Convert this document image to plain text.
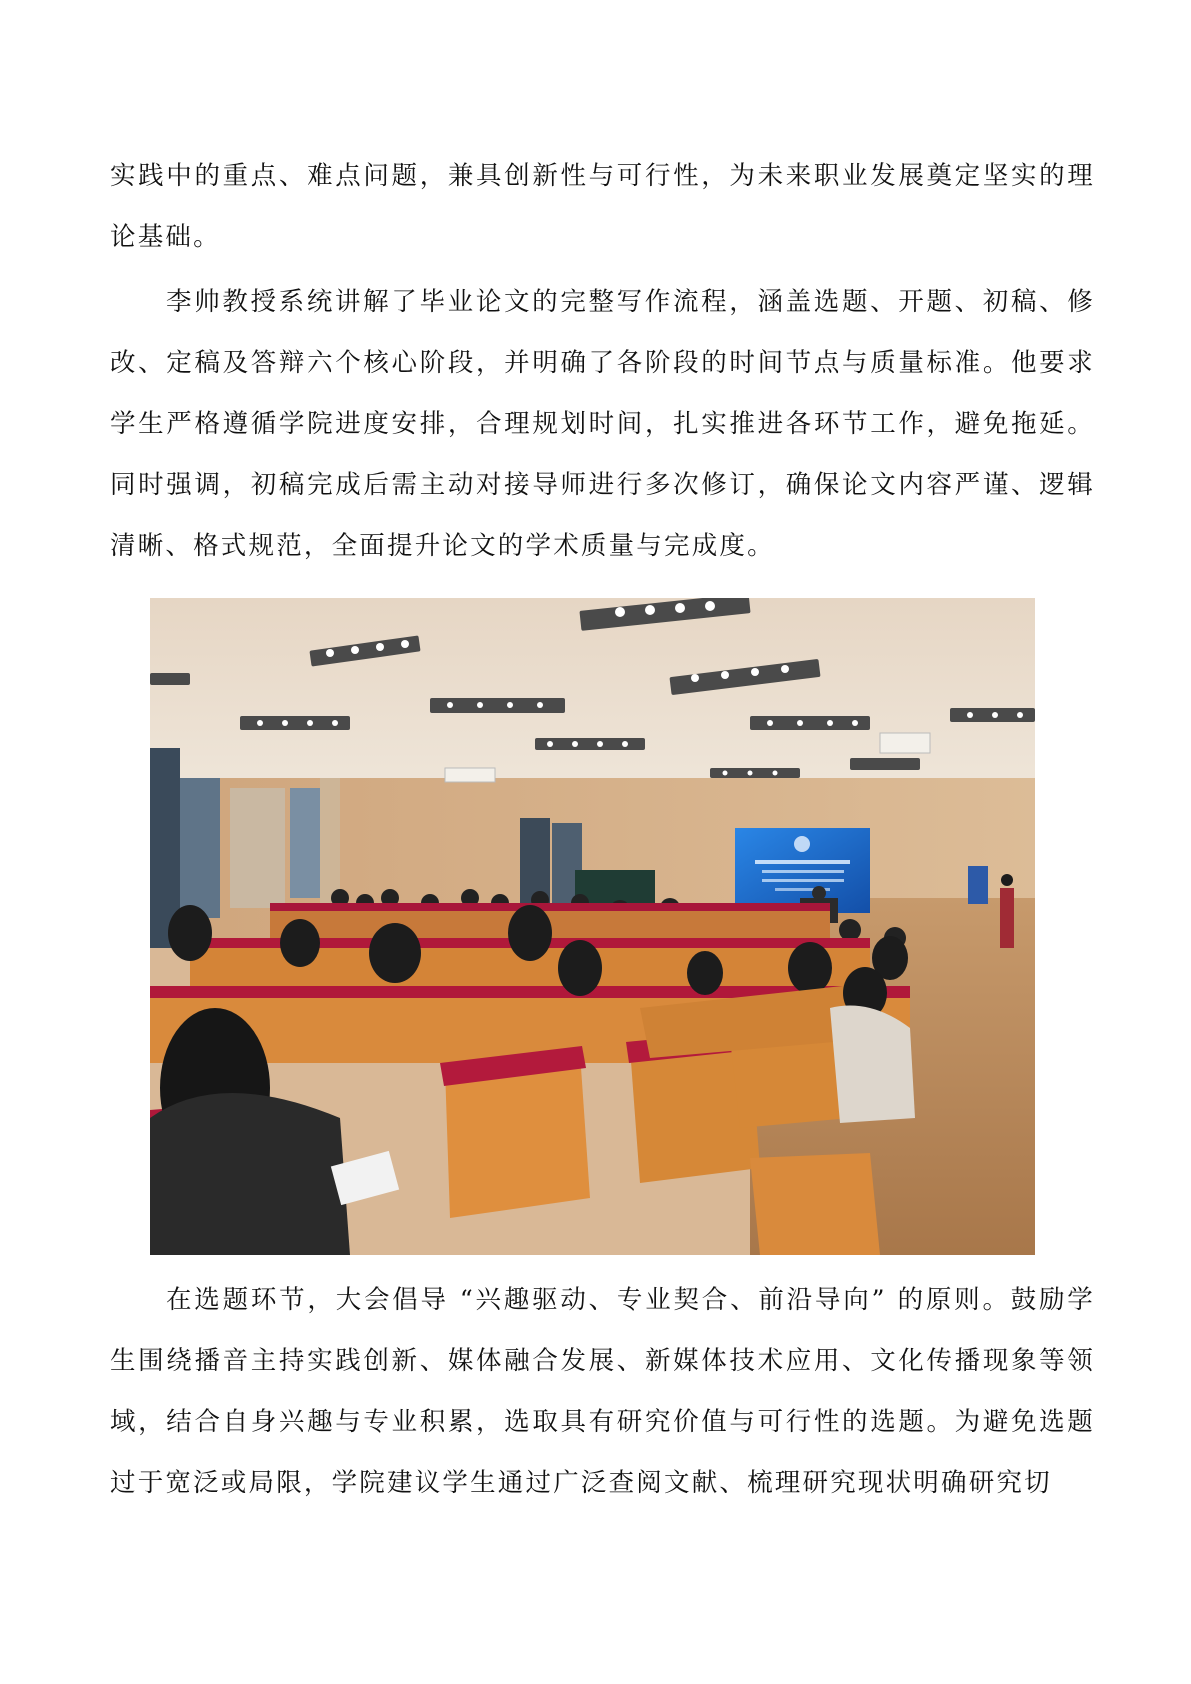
实践中的重点、难点问题，兼具创新性与可行性，为未来职业发展奠定坚实的理论基础。

李帅教授系统讲解了毕业论文的完整写作流程，涵盖选题、开题、初稿、修改、定稿及答辩六个核心阶段，并明确了各阶段的时间节点与质量标准。他要求学生严格遵循学院进度安排，合理规划时间，扎实推进各环节工作，避免拖延。同时强调，初稿完成后需主动对接导师进行多次修订，确保论文内容严谨、逻辑清晰、格式规范，全面提升论文的学术质量与完成度。

在选题环节，大会倡导 “兴趣驱动、专业契合、前沿导向” 的原则。鼓励学生围绕播音主持实践创新、媒体融合发展、新媒体技术应用、文化传播现象等领域，结合自身兴趣与专业积累，选取具有研究价值与可行性的选题。为避免选题过于宽泛或局限，学院建议学生通过广泛查阅文献、梳理研究现状明确研究切
